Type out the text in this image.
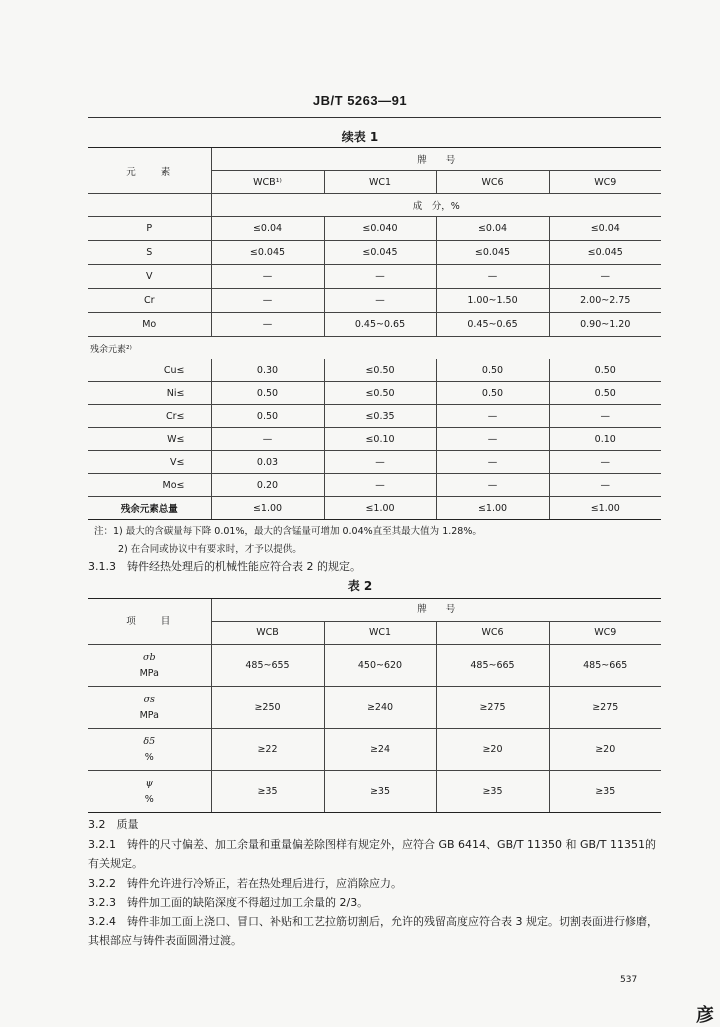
JB/T 5263—91
续表 1
元　　素	牌　　号			
	WCB¹⁾	WC1	WC6	WC9
	成　分，%			
P	≤0.04	≤0.040	≤0.04	≤0.04
S	≤0.045	≤0.045	≤0.045	≤0.045
V	—	—	—	—
Cr	—	—	1.00~1.50	2.00~2.75
Mo	—	0.45~0.65	0.45~0.65	0.90~1.20
残余元素²⁾				
Cu≤	0.30	≤0.50	0.50	0.50
Ni≤	0.50	≤0.50	0.50	0.50
Cr≤	0.50	≤0.35	—	—
W≤	—	≤0.10	—	0.10
V≤	0.03	—	—	—
Mo≤	0.20	—	—	—
残余元素总量	≤1.00	≤1.00	≤1.00	≤1.00
注：1) 最大的含碳量每下降 0.01%，最大的含锰量可增加 0.04%直至其最大值为 1.28%。
2) 在合同或协议中有要求时，才予以提供。
3.1.3　铸件经热处理后的机械性能应符合表 2 的规定。
表 2
项　　目	牌　　号			
	WCB	WC1	WC6	WC9

σb
MPa	485~655	450~620	485~665	485~665

σs
MPa	≥250	≥240	≥275	≥275

δ5
%	≥22	≥24	≥20	≥20

ψ
%	≥35	≥35	≥35	≥35
3.2　质量
3.2.1　铸件的尺寸偏差、加工余量和重量偏差除图样有规定外，应符合 GB 6414、GB/T 11350 和 GB/T 11351的有关规定。
3.2.2　铸件允许进行冷矫正，若在热处理后进行，应消除应力。
3.2.3　铸件加工面的缺陷深度不得超过加工余量的 2/3。
3.2.4　铸件非加工面上浇口、冒口、补贴和工艺拉筋切割后，允许的残留高度应符合表 3 规定。切割表面进行修磨，其根部应与铸件表面圆滑过渡。
537
彦
